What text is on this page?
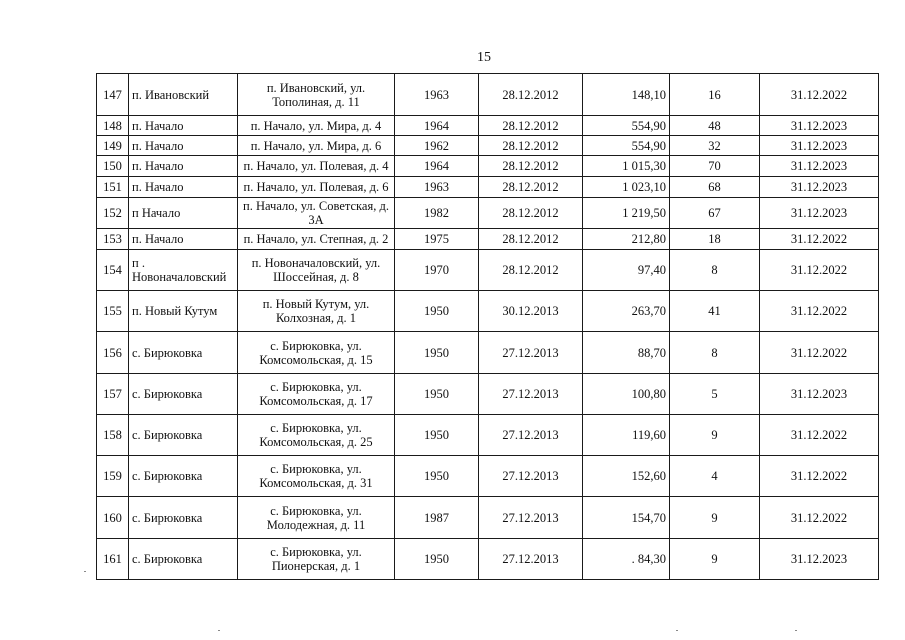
15
147	п. Ивановский	п. Ивановский, ул. Тополиная, д. 11	1963	28.12.2012	148,10	16	31.12.2022
148	п. Начало	п. Начало, ул. Мира, д. 4	1964	28.12.2012	554,90	48	31.12.2023
149	п. Начало	п. Начало, ул. Мира, д. 6	1962	28.12.2012	554,90	32	31.12.2023
150	п. Начало	п. Начало, ул. Полевая, д. 4	1964	28.12.2012	1 015,30	70	31.12.2023
151	п. Начало	п. Начало, ул. Полевая, д. 6	1963	28.12.2012	1 023,10	68	31.12.2023
152	п Начало	п. Начало, ул. Советская, д. 3А	1982	28.12.2012	1 219,50	67	31.12.2023
153	п. Начало	п. Начало, ул. Степная, д. 2	1975	28.12.2012	212,80	18	31.12.2022
154	п . Новоначаловский	п. Новоначаловский, ул. Шоссейная, д. 8	1970	28.12.2012	97,40	8	31.12.2022
155	п. Новый Кутум	п. Новый Кутум, ул. Колхозная, д. 1	1950	30.12.2013	263,70	41	31.12.2022
156	с. Бирюковка	с. Бирюковка, ул. Комсомольская, д. 15	1950	27.12.2013	88,70	8	31.12.2022
157	с. Бирюковка	с. Бирюковка, ул. Комсомольская, д. 17	1950	27.12.2013	100,80	5	31.12.2023
158	с. Бирюковка	с. Бирюковка, ул. Комсомольская, д. 25	1950	27.12.2013	119,60	9	31.12.2022
159	с. Бирюковка	с. Бирюковка, ул. Комсомольская, д. 31	1950	27.12.2013	152,60	4	31.12.2022
160	с. Бирюковка	с. Бирюковка, ул. Молодежная, д. 11	1987	27.12.2013	154,70	9	31.12.2022
161	с. Бирюковка	с. Бирюковка, ул. Пионерская, д. 1	1950	27.12.2013	. 84,30	9	31.12.2023
